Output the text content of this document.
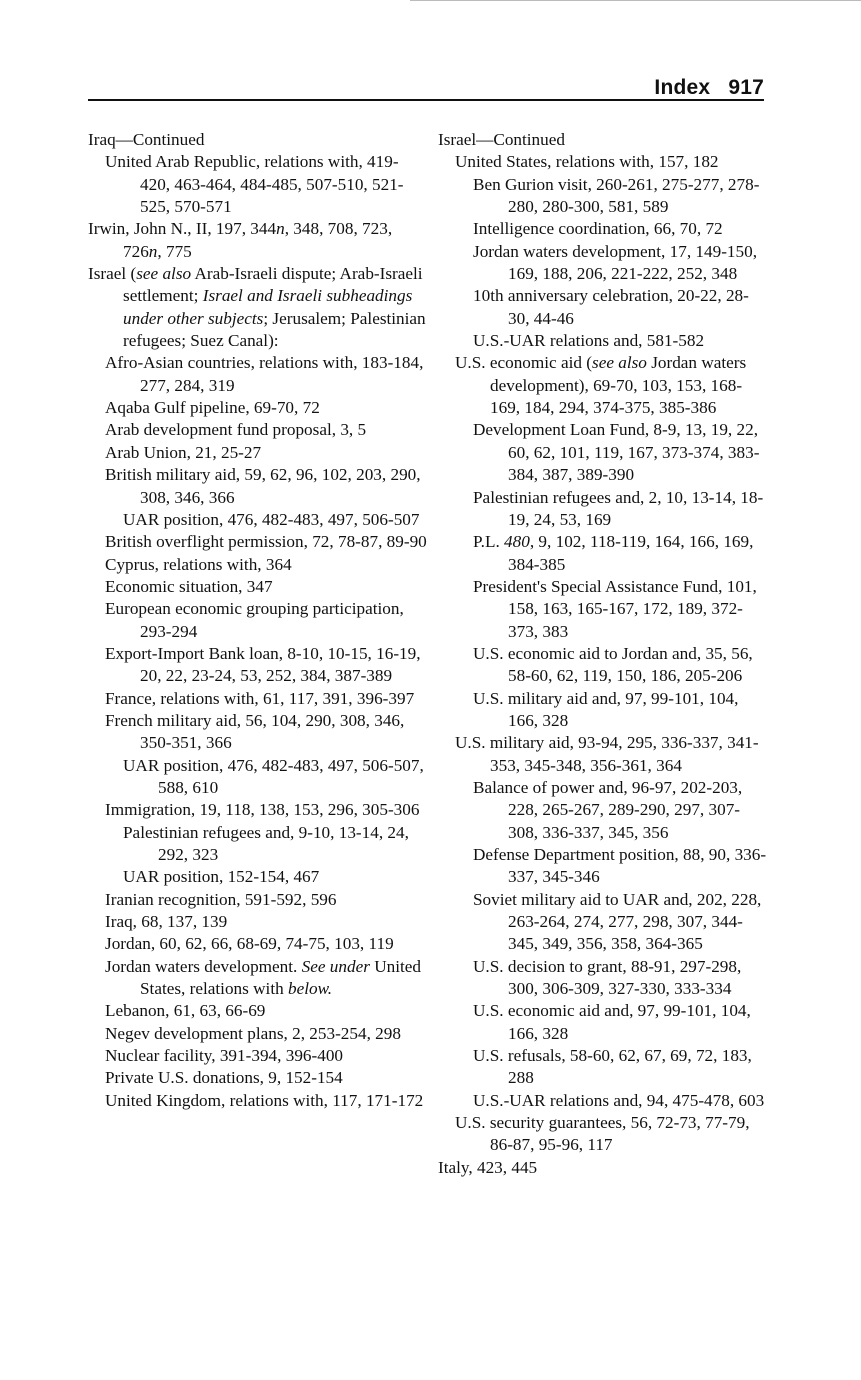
Index   917
Iraq—Continued
United Arab Republic, relations with, 419-420, 463-464, 484-485, 507-510, 521-525, 570-571
Irwin, John N., II, 197, 344n, 348, 708, 723, 726n, 775
Israel (see also Arab-Israeli dispute; Arab-Israeli settlement; Israel and Israeli subheadings under other subjects; Jerusalem; Palestinian refugees; Suez Canal):
Afro-Asian countries, relations with, 183-184, 277, 284, 319
Aqaba Gulf pipeline, 69-70, 72
Arab development fund proposal, 3, 5
Arab Union, 21, 25-27
British military aid, 59, 62, 96, 102, 203, 290, 308, 346, 366
UAR position, 476, 482-483, 497, 506-507
British overflight permission, 72, 78-87, 89-90
Cyprus, relations with, 364
Economic situation, 347
European economic grouping participation, 293-294
Export-Import Bank loan, 8-10, 10-15, 16-19, 20, 22, 23-24, 53, 252, 384, 387-389
France, relations with, 61, 117, 391, 396-397
French military aid, 56, 104, 290, 308, 346, 350-351, 366
UAR position, 476, 482-483, 497, 506-507, 588, 610
Immigration, 19, 118, 138, 153, 296, 305-306
Palestinian refugees and, 9-10, 13-14, 24, 292, 323
UAR position, 152-154, 467
Iranian recognition, 591-592, 596
Iraq, 68, 137, 139
Jordan, 60, 62, 66, 68-69, 74-75, 103, 119
Jordan waters development. See under United States, relations with below.
Lebanon, 61, 63, 66-69
Negev development plans, 2, 253-254, 298
Nuclear facility, 391-394, 396-400
Private U.S. donations, 9, 152-154
United Kingdom, relations with, 117, 171-172
Israel—Continued
United States, relations with, 157, 182
Ben Gurion visit, 260-261, 275-277, 278-280, 280-300, 581, 589
Intelligence coordination, 66, 70, 72
Jordan waters development, 17, 149-150, 169, 188, 206, 221-222, 252, 348
10th anniversary celebration, 20-22, 28-30, 44-46
U.S.-UAR relations and, 581-582
U.S. economic aid (see also Jordan waters development), 69-70, 103, 153, 168-169, 184, 294, 374-375, 385-386
Development Loan Fund, 8-9, 13, 19, 22, 60, 62, 101, 119, 167, 373-374, 383-384, 387, 389-390
Palestinian refugees and, 2, 10, 13-14, 18-19, 24, 53, 169
P.L. 480, 9, 102, 118-119, 164, 166, 169, 384-385
President's Special Assistance Fund, 101, 158, 163, 165-167, 172, 189, 372-373, 383
U.S. economic aid to Jordan and, 35, 56, 58-60, 62, 119, 150, 186, 205-206
U.S. military aid and, 97, 99-101, 104, 166, 328
U.S. military aid, 93-94, 295, 336-337, 341-353, 345-348, 356-361, 364
Balance of power and, 96-97, 202-203, 228, 265-267, 289-290, 297, 307-308, 336-337, 345, 356
Defense Department position, 88, 90, 336-337, 345-346
Soviet military aid to UAR and, 202, 228, 263-264, 274, 277, 298, 307, 344-345, 349, 356, 358, 364-365
U.S. decision to grant, 88-91, 297-298, 300, 306-309, 327-330, 333-334
U.S. economic aid and, 97, 99-101, 104, 166, 328
U.S. refusals, 58-60, 62, 67, 69, 72, 183, 288
U.S.-UAR relations and, 94, 475-478, 603
U.S. security guarantees, 56, 72-73, 77-79, 86-87, 95-96, 117
Italy, 423, 445
